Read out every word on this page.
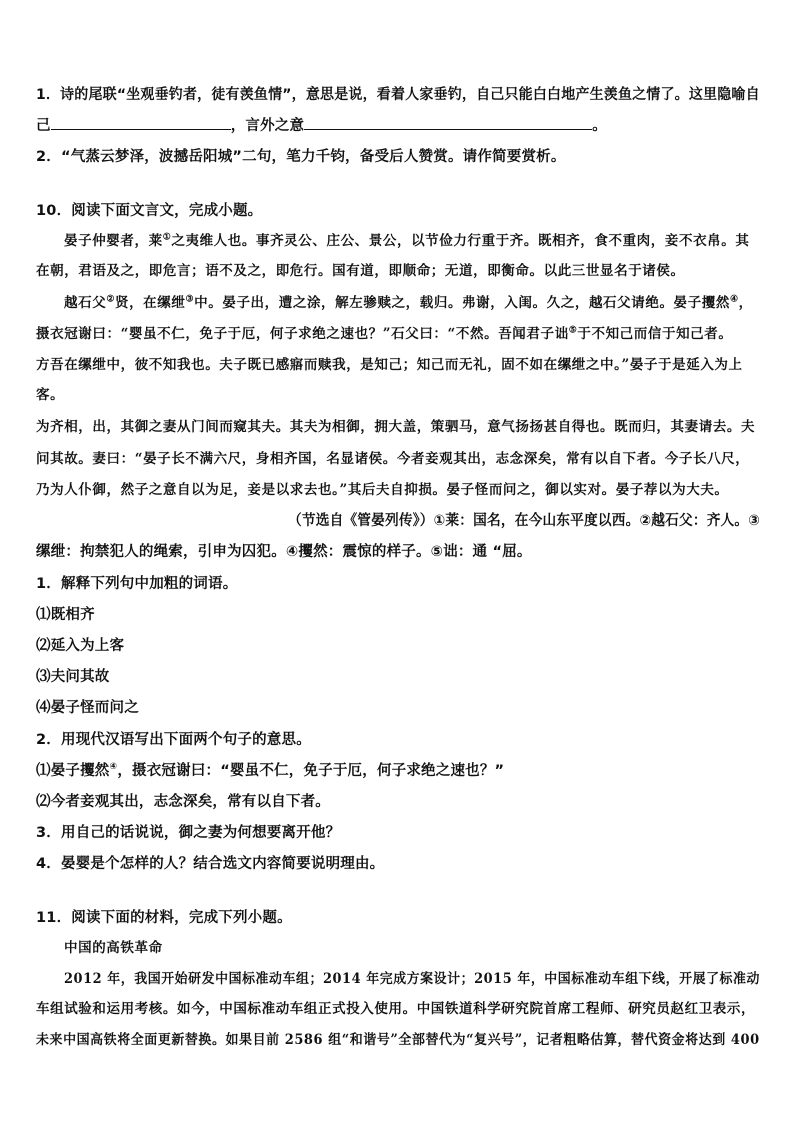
1．诗的尾联“坐观垂钓者，徒有羡鱼情”，意思是说，看着人家垂钓，自己只能白白地产生羡鱼之情了。这里隐喻自
己	，言外之意	。
2．“气蒸云梦泽，波撼岳阳城”二句，笔力千钧，备受后人赞赏。请作简要赏析。
10．阅读下面文言文，完成小题。
晏子仲婴者，莱①之夷维人也。事齐灵公、庄公、景公，以节俭力行重于齐。既相齐，食不重肉，妾不衣帛。其
在朝，君语及之，即危言；语不及之，即危行。国有道，即顺命；无道，即衡命。以此三世显名于诸侯。
越石父②贤，在缧绁③中。晏子出，遭之涂，解左骖赎之，载归。弗谢，入闺。久之，越石父请绝。晏子攫然④，
摄衣冠谢曰：“婴虽不仁，免子于厄，何子求绝之速也？”石父曰：“不然。吾闻君子诎⑤于不知己而信于知己者。
方吾在缧绁中，彼不知我也。夫子既已感寤而赎我，是知己；知己而无礼，固不如在缧绁之中。”晏子于是延入为上
客。
为齐相，出，其御之妻从门间而窥其夫。其夫为相御，拥大盖，策驷马，意气扬扬甚自得也。既而归，其妻请去。夫
问其故。妻曰：“晏子长不满六尺，身相齐国，名显诸侯。今者妾观其出，志念深矣，常有以自下者。今子长八尺，
乃为人仆御，然子之意自以为足，妾是以求去也。”其后夫自抑损。晏子怪而问之，御以实对。晏子荐以为大夫。
（节选自《管晏列传》）①莱：国名，在今山东平度以西。②越石父：齐人。③
缧绁：拘禁犯人的绳索，引申为囚犯。④攫然：震惊的样子。⑤诎：通 “屈。
1．解释下列句中加粗的词语。
⑴既相齐
⑵延入为上客
⑶夫问其故
⑷晏子怪而问之
2．用现代汉语写出下面两个句子的意思。
⑴晏子攫然④，摄衣冠谢曰：“婴虽不仁，免子于厄，何子求绝之速也？”
⑵今者妾观其出，志念深矣，常有以自下者。
3．用自己的话说说，御之妻为何想要离开他？
4．晏婴是个怎样的人？结合选文内容简要说明理由。
11．阅读下面的材料，完成下列小题。
中国的高铁革命
2012 年，我国开始研发中国标准动车组；2014 年完成方案设计；2015 年，中国标准动车组下线，开展了标准动
车组试验和运用考核。如今，中国标准动车组正式投入使用。中国铁道科学研究院首席工程师、研究员赵红卫表示，
未来中国高铁将全面更新替换。如果目前 2586 组“和谐号”全部替代为“复兴号”，记者粗略估算，替代资金将达到 400
